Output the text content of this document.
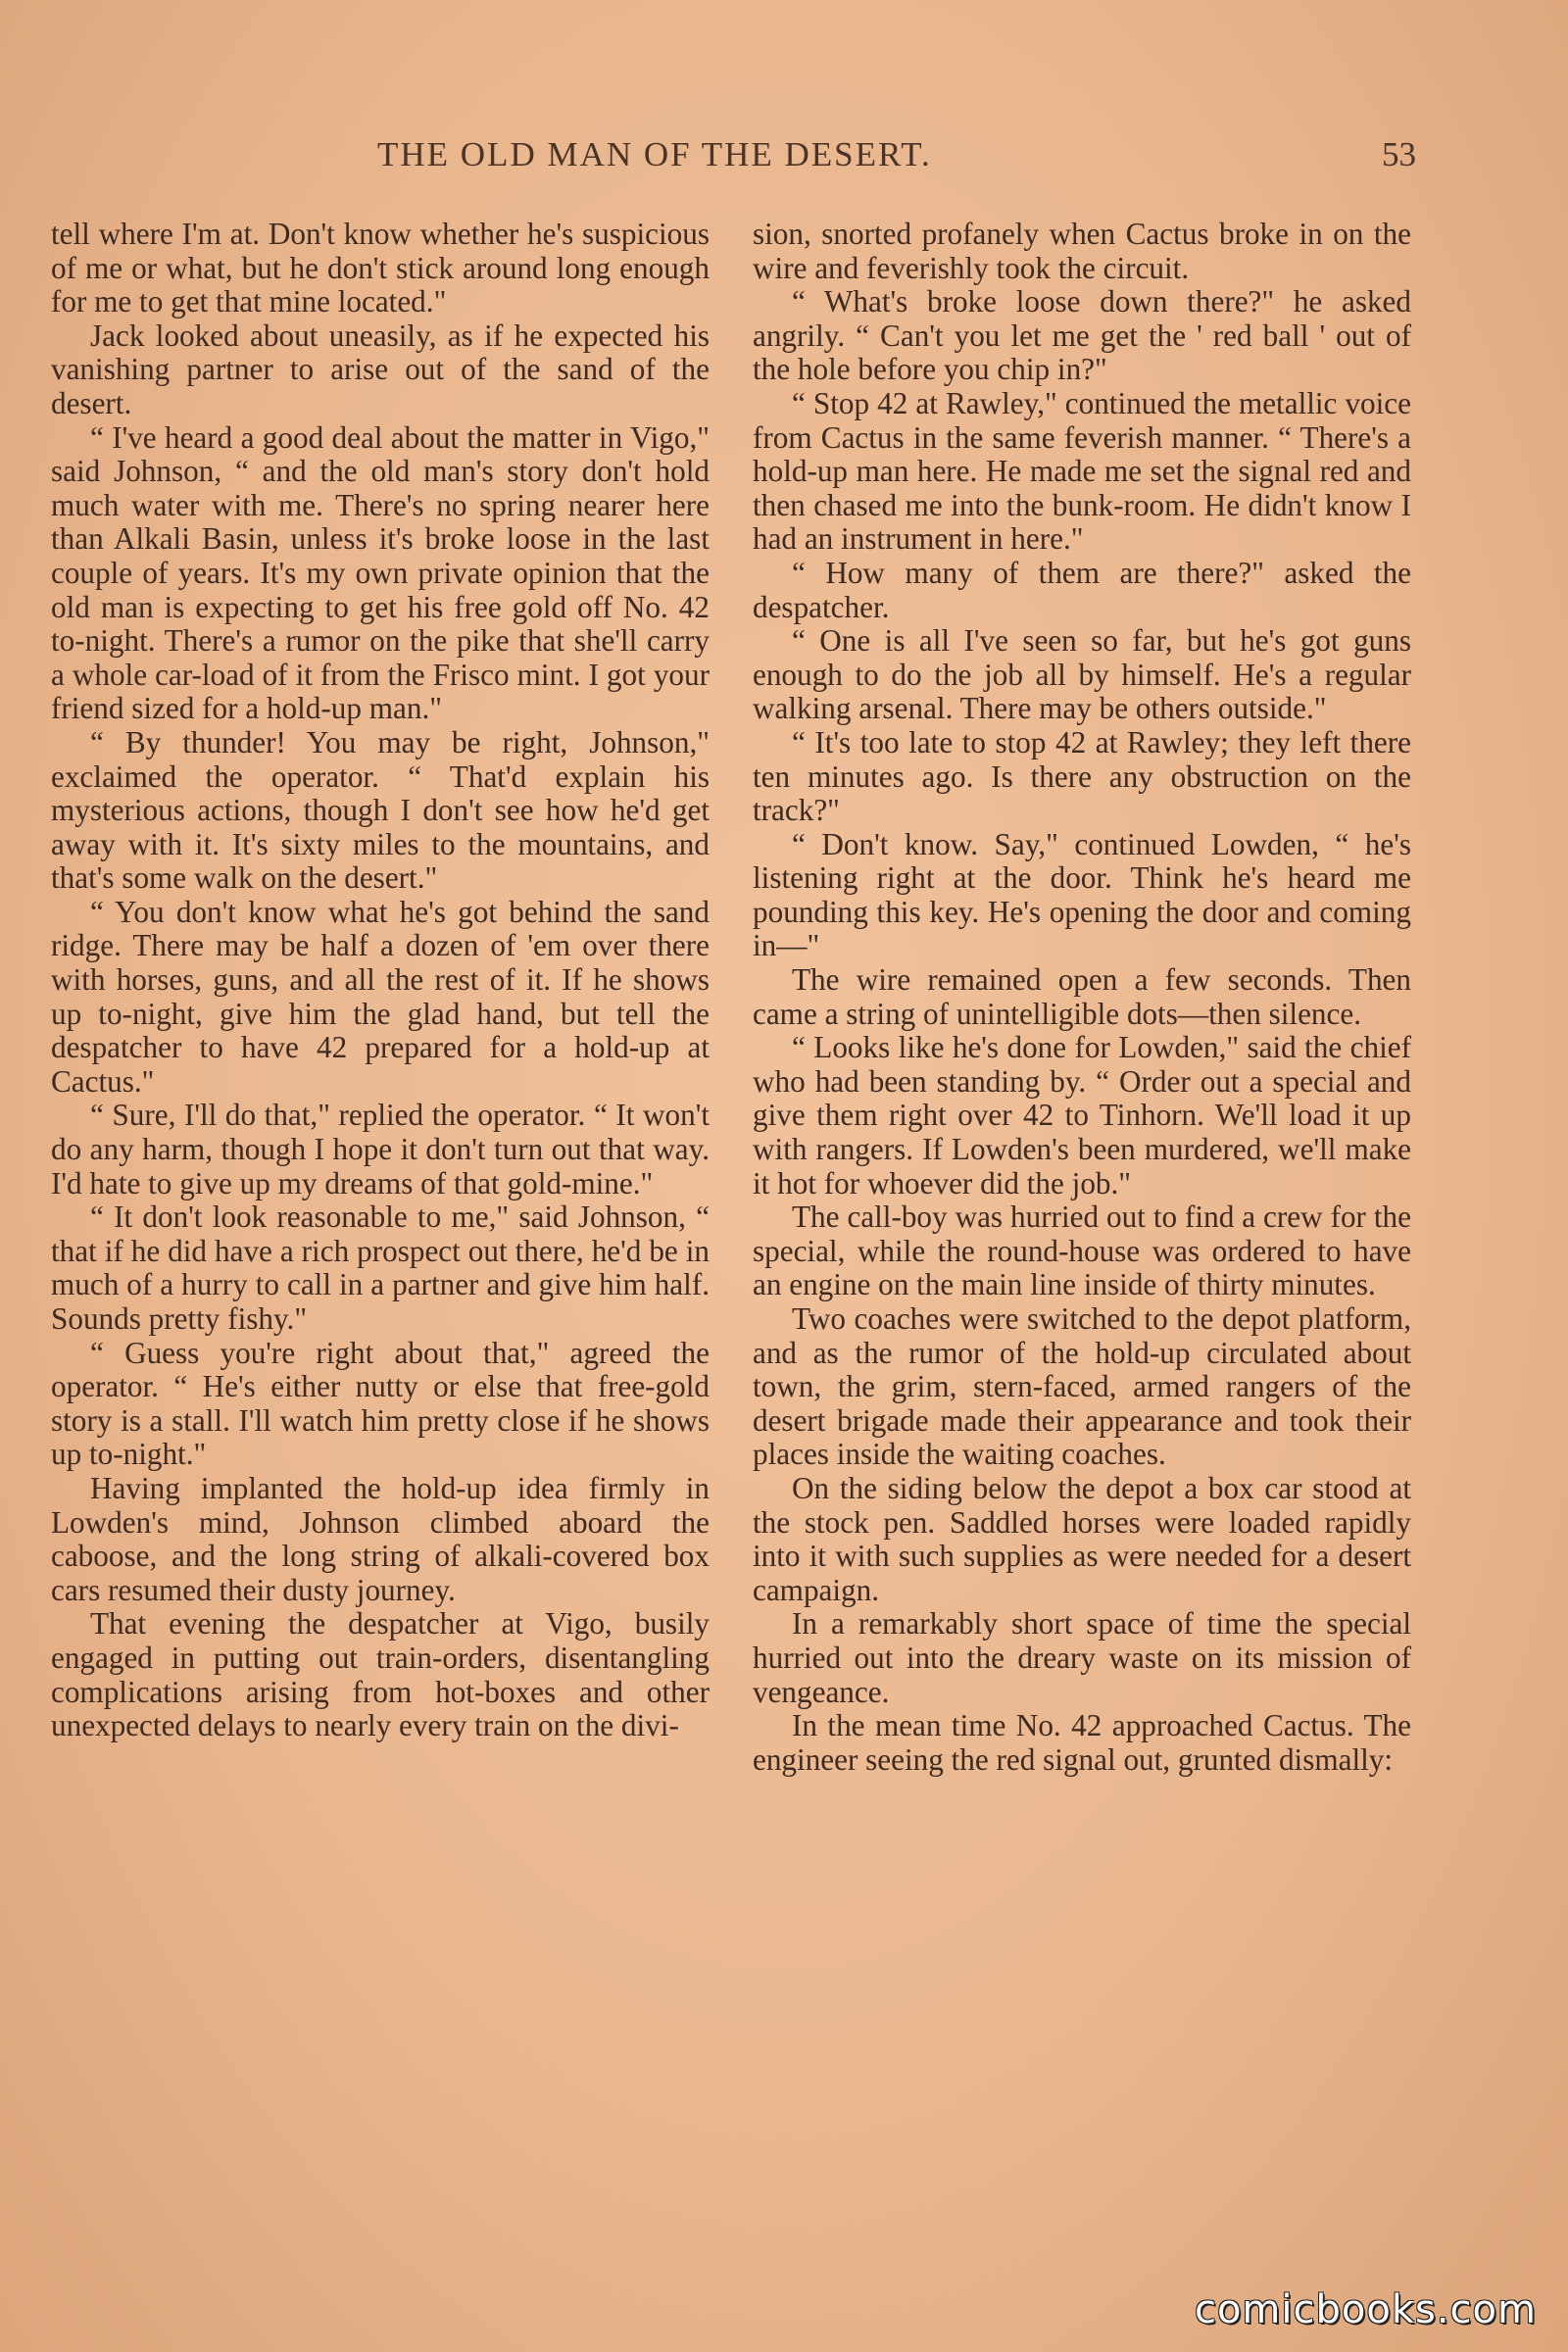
THE OLD MAN OF THE DESERT.	53

tell where I'm at. Don't know whether he's suspicious of me or what, but he don't stick around long enough for me to get that mine located."

Jack looked about uneasily, as if he expected his vanishing partner to arise out of the sand of the desert.

“ I've heard a good deal about the matter in Vigo," said Johnson, “ and the old man's story don't hold much water with me. There's no spring nearer here than Alkali Basin, unless it's broke loose in the last couple of years. It's my own private opinion that the old man is expecting to get his free gold off No. 42 to-night. There's a rumor on the pike that she'll carry a whole car-load of it from the Frisco mint. I got your friend sized for a hold-up man."

“ By thunder! You may be right, Johnson," exclaimed the operator. “ That'd explain his mysterious actions, though I don't see how he'd get away with it. It's sixty miles to the mountains, and that's some walk on the desert."

“ You don't know what he's got behind the sand ridge. There may be half a dozen of 'em over there with horses, guns, and all the rest of it. If he shows up to-night, give him the glad hand, but tell the despatcher to have 42 prepared for a hold-up at Cactus."

“ Sure, I'll do that," replied the operator. “ It won't do any harm, though I hope it don't turn out that way. I'd hate to give up my dreams of that gold-mine."

“ It don't look reasonable to me," said Johnson, “ that if he did have a rich prospect out there, he'd be in much of a hurry to call in a partner and give him half. Sounds pretty fishy."

“ Guess you're right about that," agreed the operator. “ He's either nutty or else that free-gold story is a stall. I'll watch him pretty close if he shows up to-night."

Having implanted the hold-up idea firmly in Lowden's mind, Johnson climbed aboard the caboose, and the long string of alkali-covered box cars resumed their dusty journey.

That evening the despatcher at Vigo, busily engaged in putting out train-orders, disentangling complications arising from hot-boxes and other unexpected delays to nearly every train on the divi-

sion, snorted profanely when Cactus broke in on the wire and feverishly took the circuit.

“ What's broke loose down there?" he asked angrily. “ Can't you let me get the ' red ball ' out of the hole before you chip in?"

“ Stop 42 at Rawley," continued the metallic voice from Cactus in the same feverish manner. “ There's a hold-up man here. He made me set the signal red and then chased me into the bunk-room. He didn't know I had an instrument in here."

“ How many of them are there?" asked the despatcher.

“ One is all I've seen so far, but he's got guns enough to do the job all by himself. He's a regular walking arsenal. There may be others outside."

“ It's too late to stop 42 at Rawley; they left there ten minutes ago. Is there any obstruction on the track?"

“ Don't know. Say," continued Lowden, “ he's listening right at the door. Think he's heard me pounding this key. He's opening the door and coming in—"

The wire remained open a few seconds. Then came a string of unintelligible dots—then silence.

“ Looks like he's done for Lowden," said the chief who had been standing by. “ Order out a special and give them right over 42 to Tinhorn. We'll load it up with rangers. If Lowden's been murdered, we'll make it hot for whoever did the job."

The call-boy was hurried out to find a crew for the special, while the round-house was ordered to have an engine on the main line inside of thirty minutes.

Two coaches were switched to the depot platform, and as the rumor of the hold-up circulated about town, the grim, stern-faced, armed rangers of the desert brigade made their appearance and took their places inside the waiting coaches.

On the siding below the depot a box car stood at the stock pen. Saddled horses were loaded rapidly into it with such supplies as were needed for a desert campaign.

In a remarkably short space of time the special hurried out into the dreary waste on its mission of vengeance.

In the mean time No. 42 approached Cactus. The engineer seeing the red signal out, grunted dismally:

comicbooks.com
